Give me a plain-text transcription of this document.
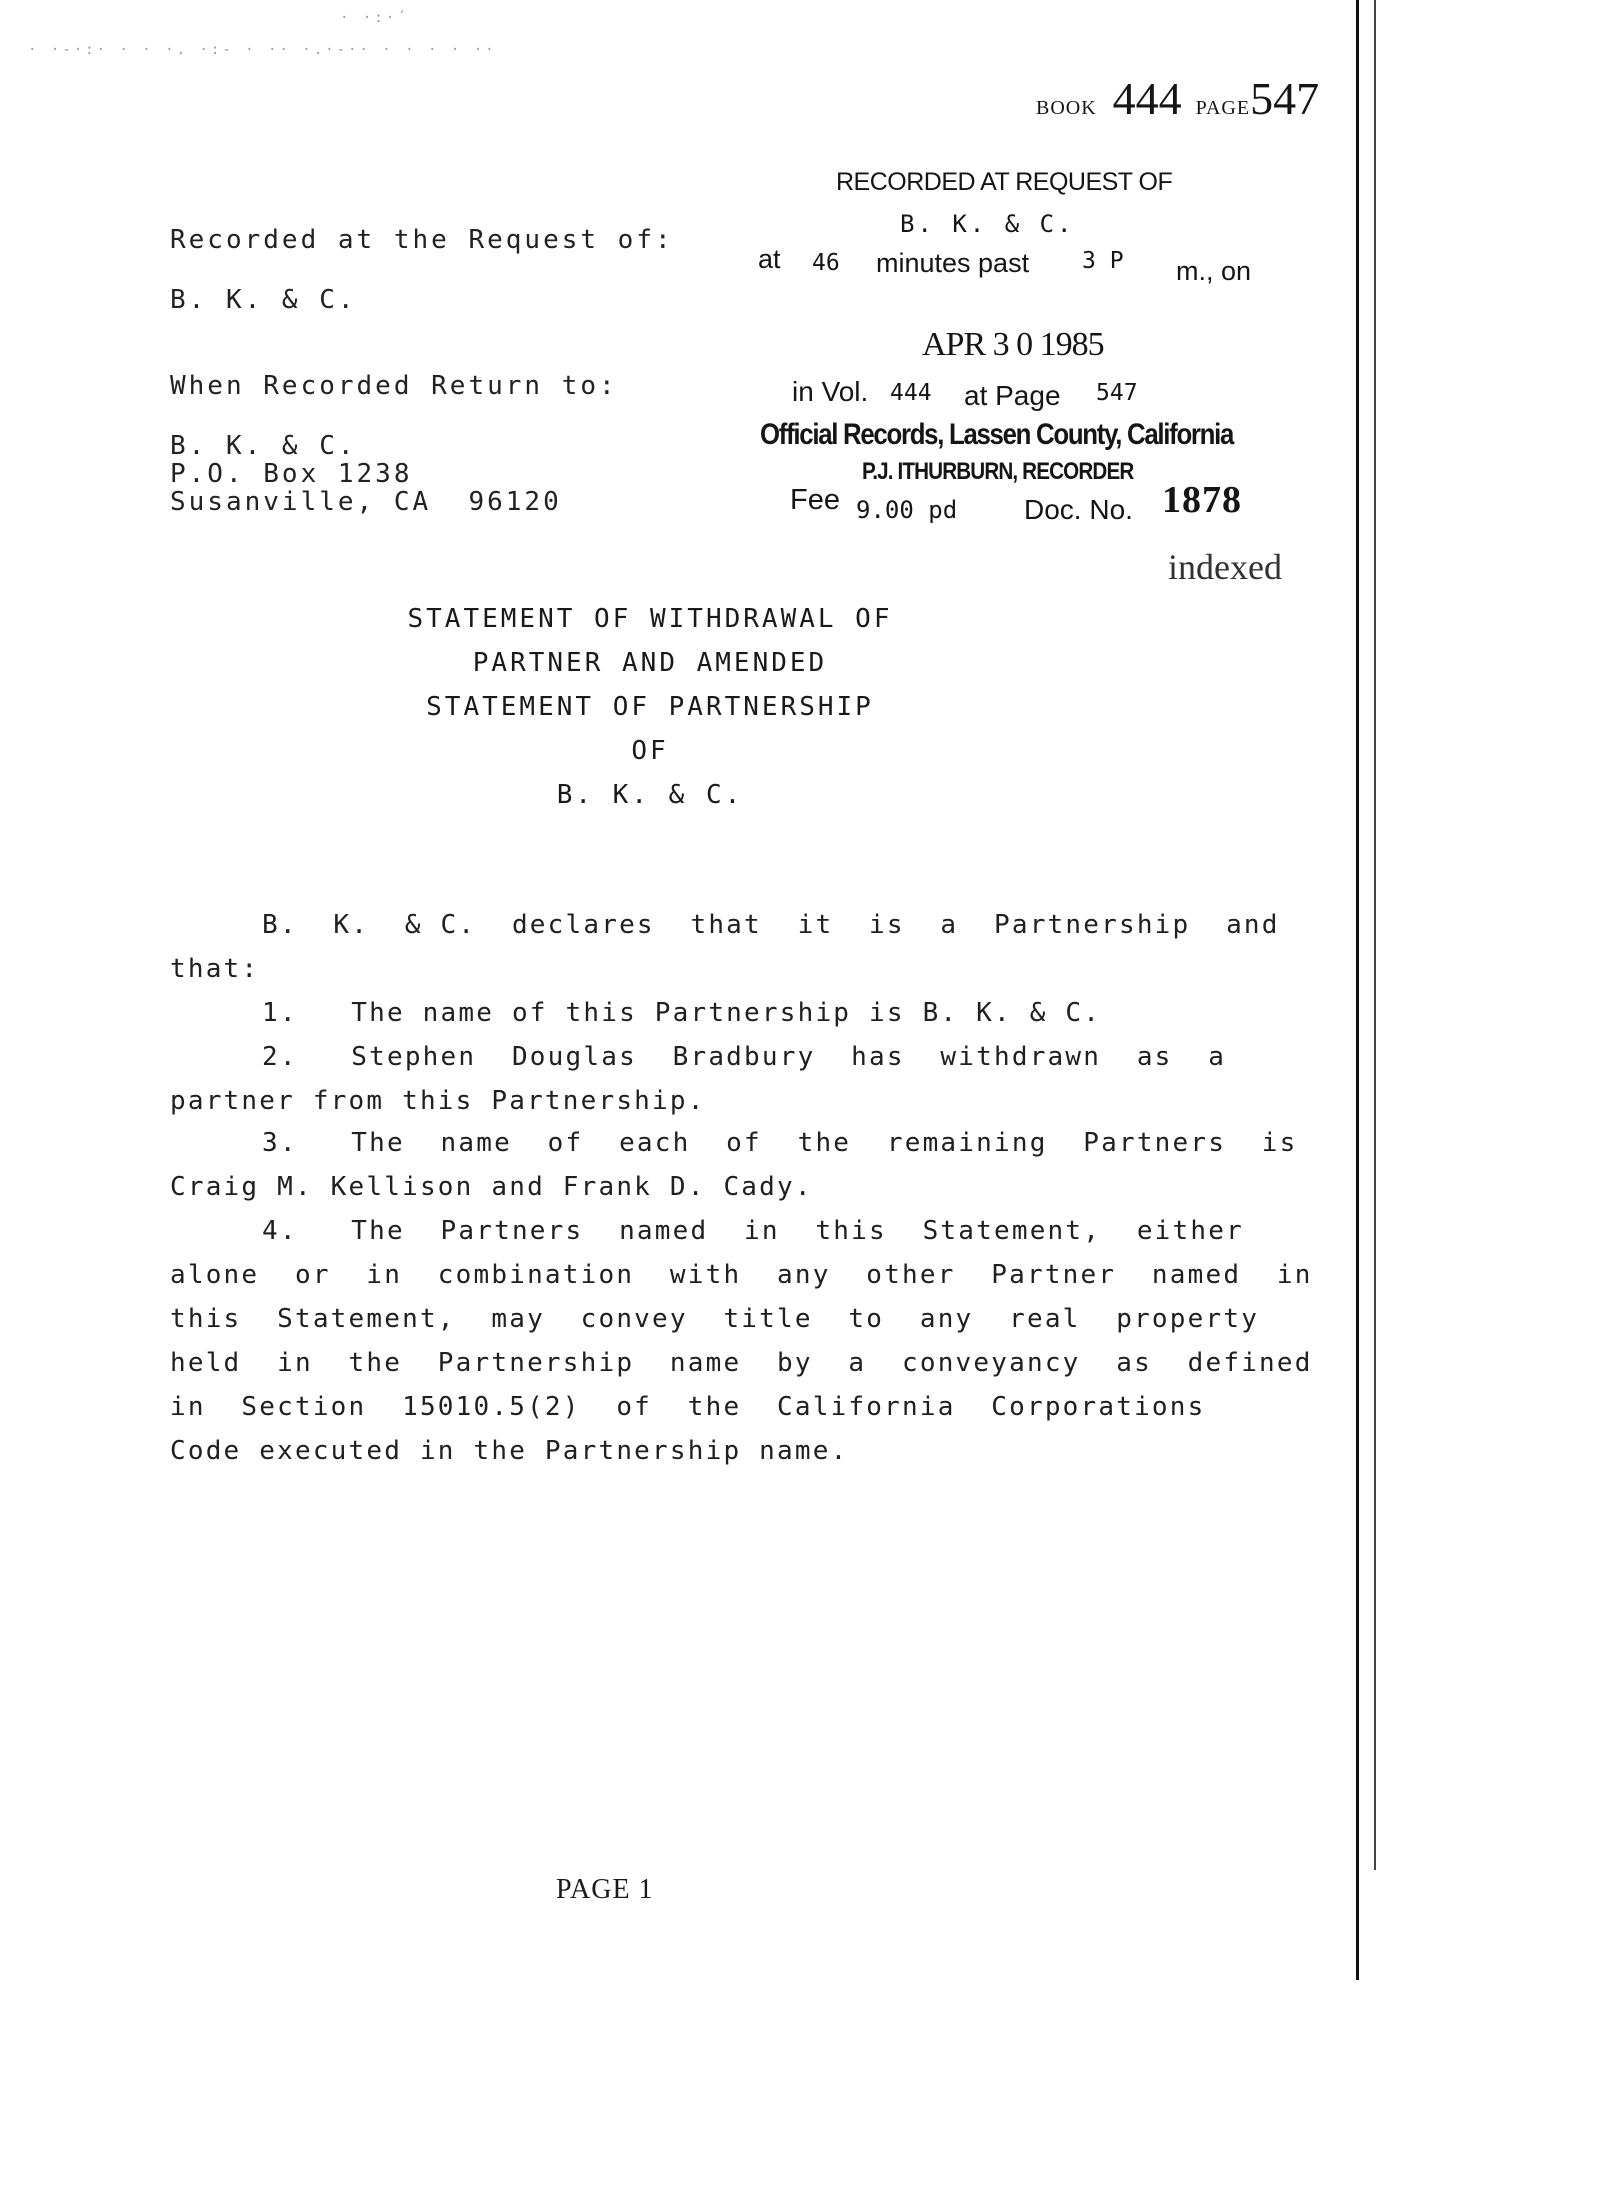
· ·-·:· · · ·. ·:- · ·· ·.·-·· · · · · ··
· ·:·´
BOOK 444 PAGE547
RECORDED AT REQUEST OF
B. K. & C.
at 46 minutes past 3 P m., on
APR 3 0 1985
in Vol. 444 at Page 547
Official Records, Lassen County, California
P.J. ITHURBURN, RECORDER
Fee 9.00 pd Doc. No. 1878
indexed
Recorded at the Request of:
B. K. & C.
When Recorded Return to:
B. K. & C.
P.O. Box 1238
Susanville, CA  96120
STATEMENT OF WITHDRAWAL OF
PARTNER AND AMENDED
STATEMENT OF PARTNERSHIP
OF
B. K. & C.
B.  K.  & C.  declares  that  it  is  a  Partnership  and
that:
1.   The name of this Partnership is B. K. & C.
2.   Stephen  Douglas  Bradbury  has  withdrawn  as  a
partner from this Partnership.
3.   The  name  of  each  of  the  remaining  Partners  is
Craig M. Kellison and Frank D. Cady.
4.   The  Partners  named  in  this  Statement,  either
alone  or  in  combination  with  any  other  Partner  named  in
this  Statement,  may  convey  title  to  any  real  property
held  in  the  Partnership  name  by  a  conveyancy  as  defined
in  Section  15010.5(2)  of  the  California  Corporations
Code executed in the Partnership name.
PAGE 1
